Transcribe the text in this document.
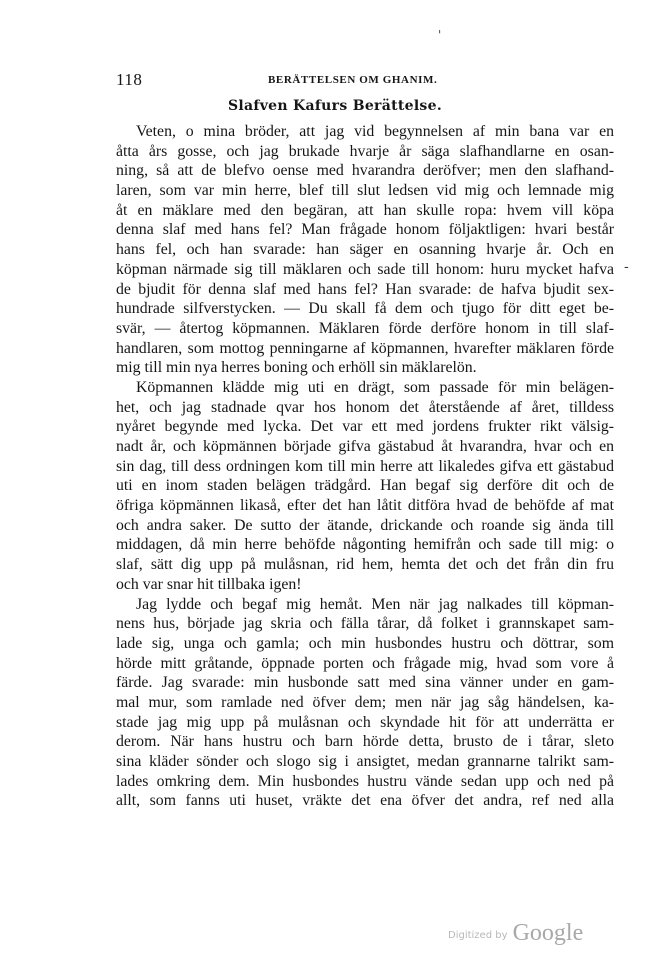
'
-
118	BERÄTTELSEN OM GHANIM.
Slafven Kafurs Berättelse.
Veten, o mina bröder, att jag vid begynnelsen af min bana var en
åtta års gosse, och jag brukade hvarje år säga slafhandlarne en osan-
ning, så att de blefvo oense med hvarandra deröfver; men den slafhand-
laren, som var min herre, blef till slut ledsen vid mig och lemnade mig
åt en mäklare med den begäran, att han skulle ropa: hvem vill köpa
denna slaf med hans fel? Man frågade honom följaktligen: hvari består
hans fel, och han svarade: han säger en osanning hvarje år. Och en
köpman närmade sig till mäklaren och sade till honom: huru mycket hafva
de bjudit för denna slaf med hans fel? Han svarade: de hafva bjudit sex-
hundrade silfverstycken. — Du skall få dem och tjugo för ditt eget be-
svär, — återtog köpmannen. Mäklaren förde derföre honom in till slaf-
handlaren, som mottog penningarne af köpmannen, hvarefter mäklaren förde
mig till min nya herres boning och erhöll sin mäklarelön.
Köpmannen klädde mig uti en drägt, som passade för min belägen-
het, och jag stadnade qvar hos honom det återstående af året, tilldess
nyåret begynde med lycka. Det var ett med jordens frukter rikt välsig-
nadt år, och köpmännen började gifva gästabud åt hvarandra, hvar och en
sin dag, till dess ordningen kom till min herre att likaledes gifva ett gästabud
uti en inom staden belägen trädgård. Han begaf sig derföre dit och de
öfriga köpmännen likaså, efter det han låtit ditföra hvad de behöfde af mat
och andra saker. De sutto der ätande, drickande och roande sig ända till
middagen, då min herre behöfde någonting hemifrån och sade till mig: o
slaf, sätt dig upp på mulåsnan, rid hem, hemta det och det från din fru
och var snar hit tillbaka igen!
Jag lydde och begaf mig hemåt. Men när jag nalkades till köpman-
nens hus, började jag skria och fälla tårar, då folket i grannskapet sam-
lade sig, unga och gamla; och min husbondes hustru och döttrar, som
hörde mitt gråtande, öppnade porten och frågade mig, hvad som vore å
färde. Jag svarade: min husbonde satt med sina vänner under en gam-
mal mur, som ramlade ned öfver dem; men när jag såg händelsen, ka-
stade jag mig upp på mulåsnan och skyndade hit för att underrätta er
derom. När hans hustru och barn hörde detta, brusto de i tårar, sleto
sina kläder sönder och slogo sig i ansigtet, medan grannarne talrikt sam-
lades omkring dem. Min husbondes hustru vände sedan upp och ned på
allt, som fanns uti huset, vräkte det ena öfver det andra, ref ned alla
Digitized by Google
